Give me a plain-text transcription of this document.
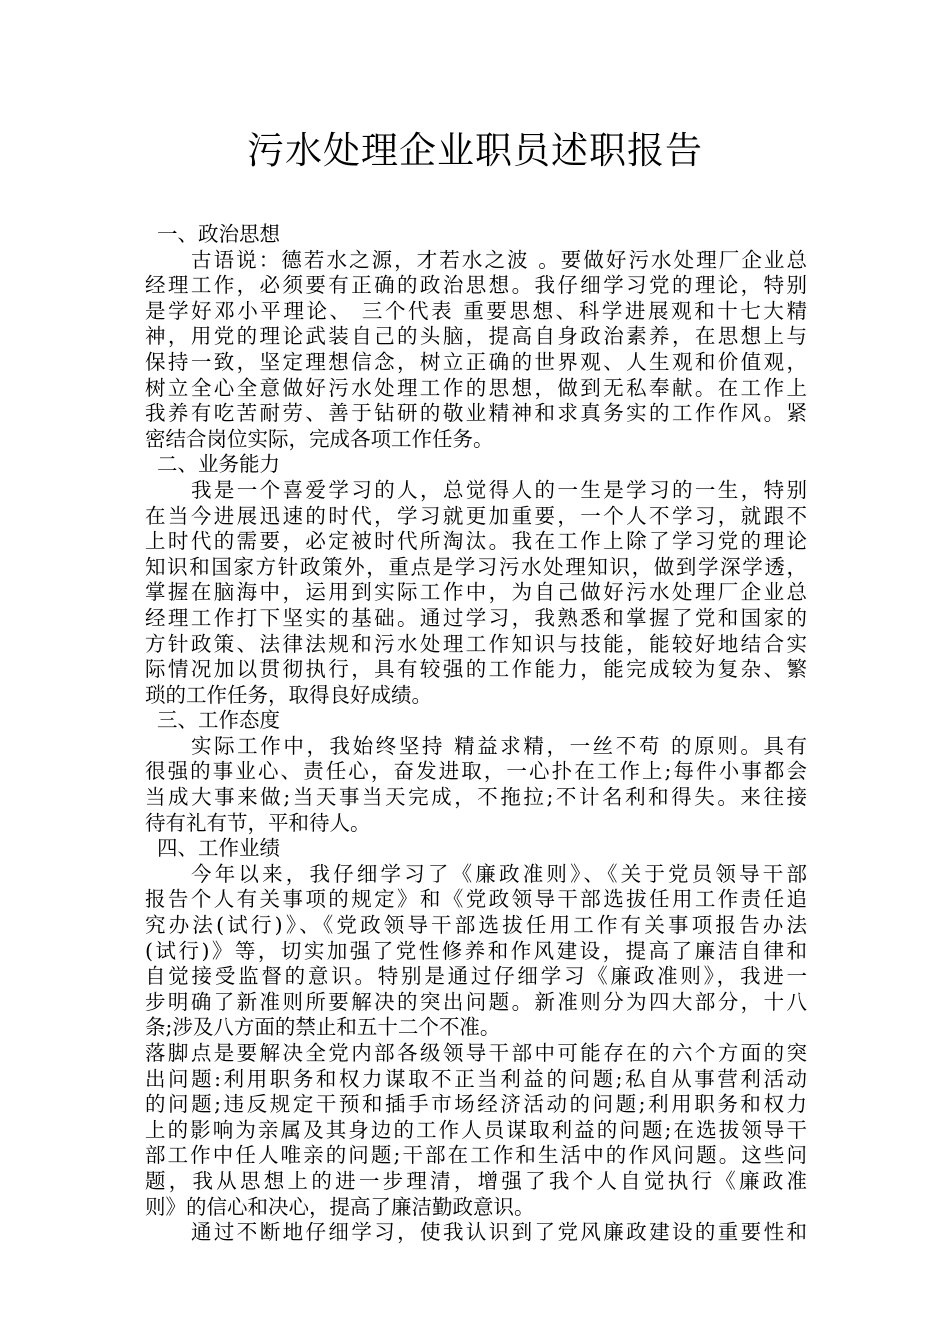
污水处理企业职员述职报告
一、政治思想
古语说：德若水之源，才若水之波 。要做好污水处理厂企业总
经理工作，必须要有正确的政治思想。我仔细学习党的理论，特别
是学好邓小平理论、 三个代表 重要思想、科学进展观和十七大精
神，用党的理论武装自己的头脑，提高自身政治素养，在思想上与
保持一致，坚定理想信念，树立正确的世界观、人生观和价值观，
树立全心全意做好污水处理工作的思想，做到无私奉献。在工作上
我养有吃苦耐劳、善于钻研的敬业精神和求真务实的工作作风。紧
密结合岗位实际，完成各项工作任务。
二、业务能力
我是一个喜爱学习的人，总觉得人的一生是学习的一生，特别
在当今进展迅速的时代，学习就更加重要，一个人不学习，就跟不
上时代的需要，必定被时代所淘汰。我在工作上除了学习党的理论
知识和国家方针政策外，重点是学习污水处理知识，做到学深学透，
掌握在脑海中，运用到实际工作中，为自己做好污水处理厂企业总
经理工作打下坚实的基础。通过学习，我熟悉和掌握了党和国家的
方针政策、法律法规和污水处理工作知识与技能，能较好地结合实
际情况加以贯彻执行，具有较强的工作能力，能完成较为复杂、繁
琐的工作任务，取得良好成绩。
三、工作态度
实际工作中，我始终坚持 精益求精，一丝不苟 的原则。具有
很强的事业心、责任心，奋发进取，一心扑在工作上;每件小事都会
当成大事来做;当天事当天完成，不拖拉;不计名利和得失。来往接
待有礼有节，平和待人。
四、工作业绩
今年以来，我仔细学习了《廉政准则》、《关于党员领导干部
报告个人有关事项的规定》和《党政领导干部选拔任用工作责任追
究办法(试行)》、《党政领导干部选拔任用工作有关事项报告办法
(试行)》等，切实加强了党性修养和作风建设，提高了廉洁自律和
自觉接受监督的意识。特别是通过仔细学习《廉政准则》，我进一
步明确了新准则所要解决的突出问题。新准则分为四大部分，十八
条;涉及八方面的禁止和五十二个不准。
落脚点是要解决全党内部各级领导干部中可能存在的六个方面的突
出问题:利用职务和权力谋取不正当利益的问题;私自从事营利活动
的问题;违反规定干预和插手市场经济活动的问题;利用职务和权力
上的影响为亲属及其身边的工作人员谋取利益的问题;在选拔领导干
部工作中任人唯亲的问题;干部在工作和生活中的作风问题。这些问
题，我从思想上的进一步理清，增强了我个人自觉执行《廉政准
则》的信心和决心，提高了廉洁勤政意识。
通过不断地仔细学习，使我认识到了党风廉政建设的重要性和
